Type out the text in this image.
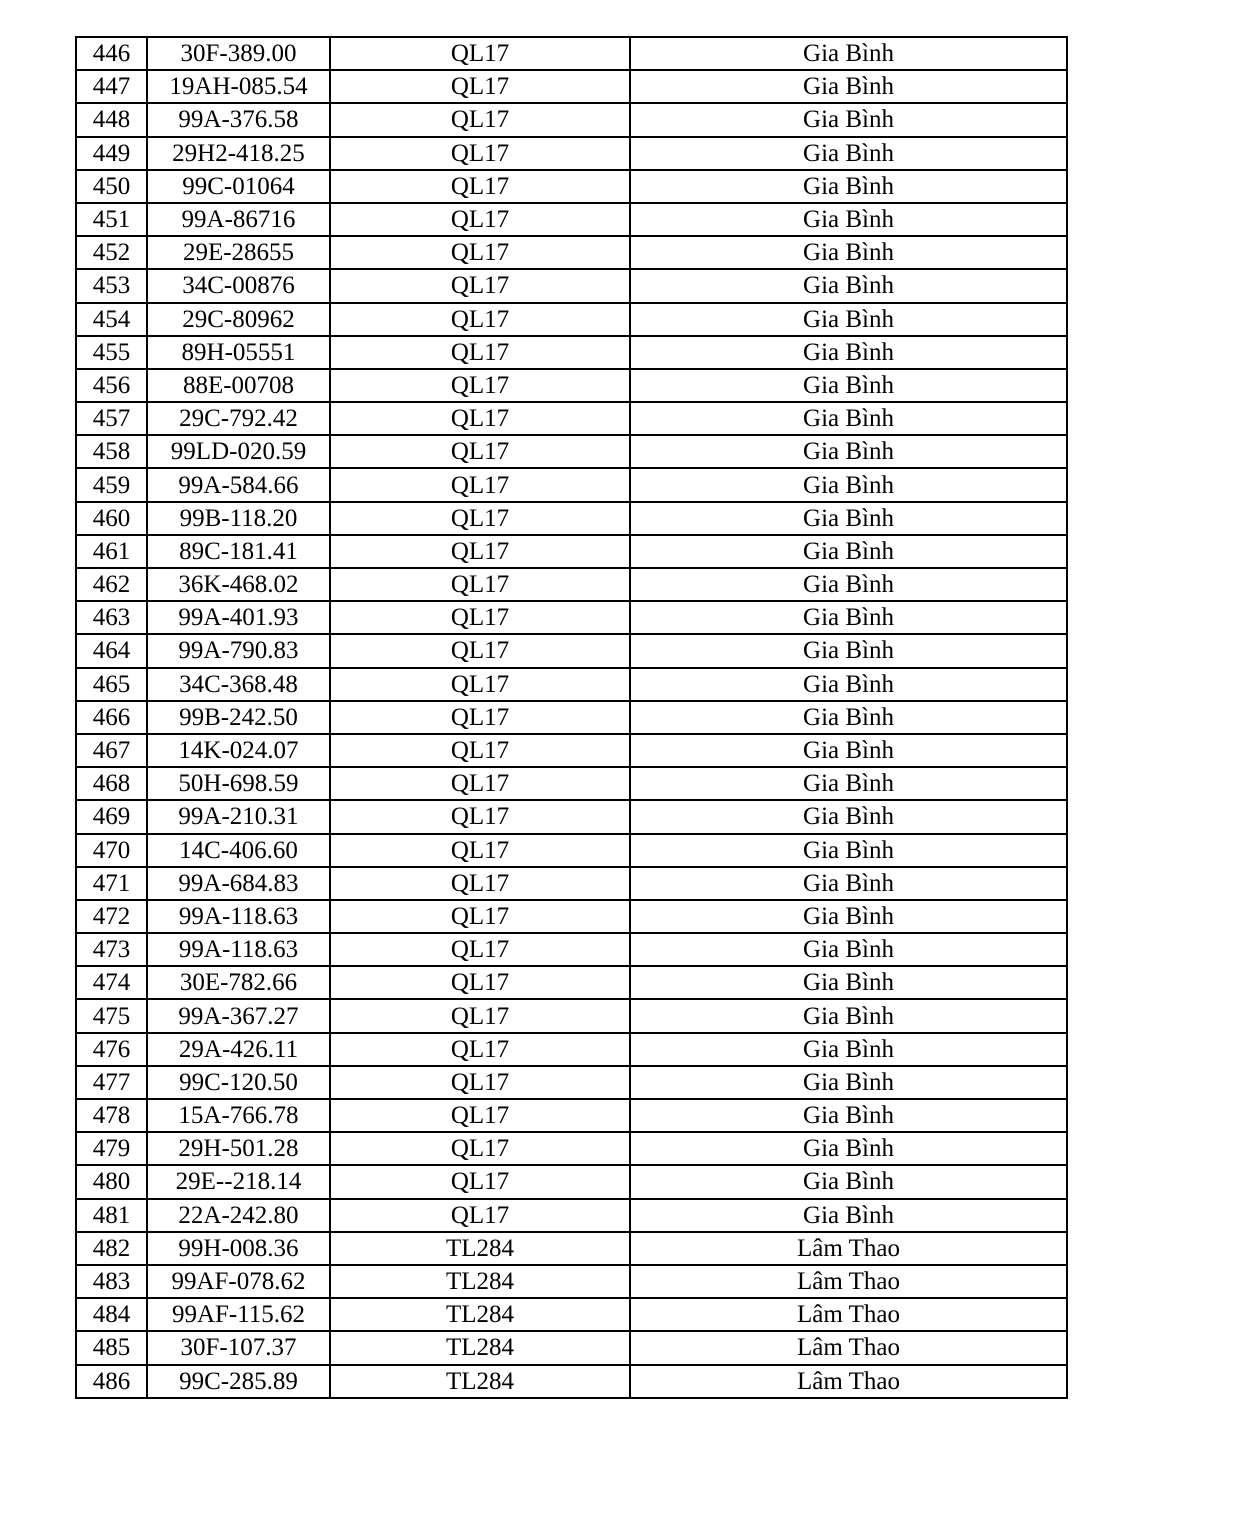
446	30F-389.00	QL17	Gia Bình
447	19AH-085.54	QL17	Gia Bình
448	99A-376.58	QL17	Gia Bình
449	29H2-418.25	QL17	Gia Bình
450	99C-01064	QL17	Gia Bình
451	99A-86716	QL17	Gia Bình
452	29E-28655	QL17	Gia Bình
453	34C-00876	QL17	Gia Bình
454	29C-80962	QL17	Gia Bình
455	89H-05551	QL17	Gia Bình
456	88E-00708	QL17	Gia Bình
457	29C-792.42	QL17	Gia Bình
458	99LD-020.59	QL17	Gia Bình
459	99A-584.66	QL17	Gia Bình
460	99B-118.20	QL17	Gia Bình
461	89C-181.41	QL17	Gia Bình
462	36K-468.02	QL17	Gia Bình
463	99A-401.93	QL17	Gia Bình
464	99A-790.83	QL17	Gia Bình
465	34C-368.48	QL17	Gia Bình
466	99B-242.50	QL17	Gia Bình
467	14K-024.07	QL17	Gia Bình
468	50H-698.59	QL17	Gia Bình
469	99A-210.31	QL17	Gia Bình
470	14C-406.60	QL17	Gia Bình
471	99A-684.83	QL17	Gia Bình
472	99A-118.63	QL17	Gia Bình
473	99A-118.63	QL17	Gia Bình
474	30E-782.66	QL17	Gia Bình
475	99A-367.27	QL17	Gia Bình
476	29A-426.11	QL17	Gia Bình
477	99C-120.50	QL17	Gia Bình
478	15A-766.78	QL17	Gia Bình
479	29H-501.28	QL17	Gia Bình
480	29E--218.14	QL17	Gia Bình
481	22A-242.80	QL17	Gia Bình
482	99H-008.36	TL284	Lâm Thao
483	99AF-078.62	TL284	Lâm Thao
484	99AF-115.62	TL284	Lâm Thao
485	30F-107.37	TL284	Lâm Thao
486	99C-285.89	TL284	Lâm Thao
